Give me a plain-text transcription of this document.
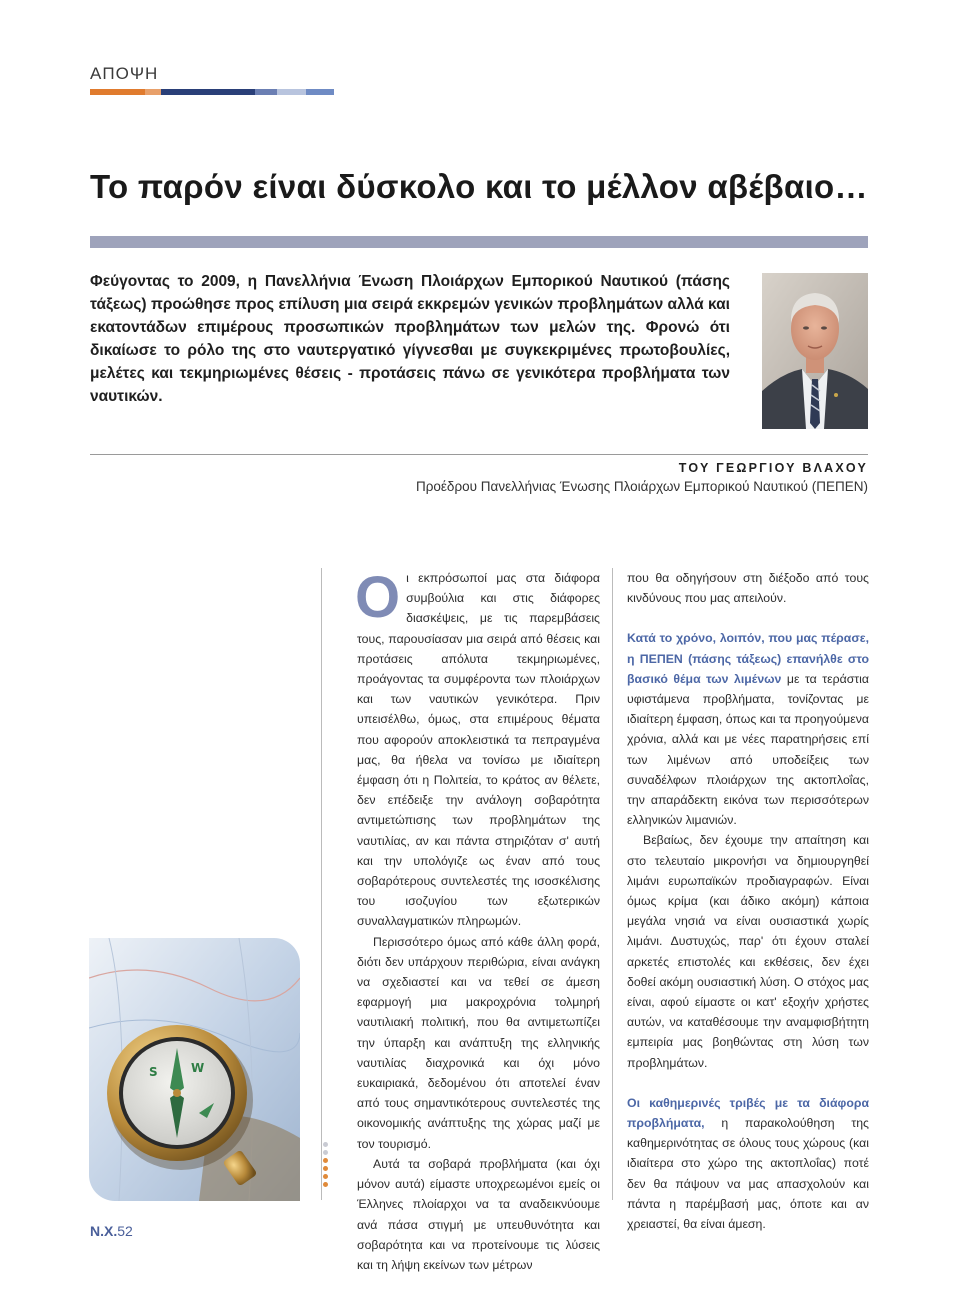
ΑΠΟΨΗ
Το παρόν είναι δύσκολο και το μέλλον αβέβαιο…
Φεύγοντας το 2009, η Πανελλήνια Ένωση Πλοιάρχων Εμπορικού Ναυτικού (πάσης τάξεως) προώθησε προς επίλυση μια σειρά εκκρεμών γενικών προβλημάτων αλλά και εκατοντάδων επιμέρους προσωπικών προβλημάτων των μελών της. Φρονώ ότι δικαίωσε το ρόλο της στο ναυτεργατικό γίγνεσθαι με συγκεκριμένες πρωτοβουλίες, μελέτες και τεκμηριωμένες θέσεις - προτάσεις πάνω σε γενικότερα προβλήματα των ναυτικών.
ΤΟΥ ΓΕΩΡΓΙΟΥ ΒΛΑΧΟΥ
Προέδρου Πανελλήνιας Ένωσης Πλοιάρχων Εμπορικού Ναυτικού (ΠΕΠΕΝ)

Οι εκπρόσωποί μας στα διάφορα συμβούλια και στις διάφορες διασκέψεις, με τις παρεμβάσεις τους, παρουσίασαν μια σειρά από θέσεις και προτάσεις απόλυτα τεκμηριωμένες, προάγοντας τα συμφέροντα των πλοιάρχων και των ναυτικών γενικότερα. Πριν υπεισέλθω, όμως, στα επιμέρους θέματα που αφορούν αποκλειστικά τα πεπραγμένα μας, θα ήθελα να τονίσω με ιδιαίτερη έμφαση ότι η Πολιτεία, το κράτος αν θέλετε, δεν επέδειξε την ανάλογη σοβαρότητα αντιμετώπισης των προβλημάτων της ναυτιλίας, αν και πάντα στηριζόταν σ' αυτή και την υπολόγιζε ως έναν από τους σοβαρότερους συντελεστές της ισοσκέλισης του ισοζυγίου των εξωτερικών συναλλαγματικών πληρωμών.

Περισσότερο όμως από κάθε άλλη φορά, διότι δεν υπάρχουν περιθώρια, είναι ανάγκη να σχεδιαστεί και να τεθεί σε άμεση εφαρμογή μια μακροχρόνια τολμηρή ναυτιλιακή πολιτική, που θα αντιμετωπίζει την ύπαρξη και ανάπτυξη της ελληνικής ναυτιλίας διαχρονικά και όχι μόνο ευκαιριακά, δεδομένου ότι αποτελεί έναν από τους σημαντικότερους συντελεστές της οικονομικής ανάπτυξης της χώρας μαζί με τον τουρισμό.

Αυτά τα σοβαρά προβλήματα (και όχι μόνον αυτά) είμαστε υποχρεωμένοι εμείς οι Έλληνες πλοίαρχοι να τα αναδεικνύουμε ανά πάσα στιγμή με υπευθυνότητα και σοβαρότητα και να προτείνουμε τις λύσεις και τη λήψη εκείνων των μέτρων

που θα οδηγήσουν στη διέξοδο από τους κινδύνους που μας απειλούν.

Κατά το χρόνο, λοιπόν, που μας πέρασε, η ΠΕΠΕΝ (πάσης τάξεως) επανήλθε στο βασικό θέμα των λιμένων με τα τεράστια υφιστάμενα προβλήματα, τονίζοντας με ιδιαίτερη έμφαση, όπως και τα προηγούμενα χρόνια, αλλά και με νέες παρατηρήσεις επί των λιμένων από υποδείξεις των συναδέλφων πλοιάρχων της ακτοπλοΐας, την απαράδεκτη εικόνα των περισσότερων ελληνικών λιμανιών.

Βεβαίως, δεν έχουμε την απαίτηση και στο τελευταίο μικρονήσι να δημιουργηθεί λιμάνι ευρωπαϊκών προδιαγραφών. Είναι όμως κρίμα (και άδικο ακόμη) κάποια μεγάλα νησιά να είναι ουσιαστικά χωρίς λιμάνι. Δυστυχώς, παρ' ότι έχουν σταλεί αρκετές επιστολές και εκθέσεις, δεν έχει δοθεί ακόμη ουσιαστική λύση. Ο στόχος μας είναι, αφού είμαστε οι κατ' εξοχήν χρήστες αυτών, να καταθέσουμε την αναμφισβήτητη εμπειρία μας βοηθώντας στη λύση των προβλημάτων.

Οι καθημερινές τριβές με τα διάφορα προβλήματα, η παρακολούθηση της καθημερινότητας σε όλους τους χώρους (και ιδιαίτερα στο χώρο της ακτοπλοΐας) ποτέ δεν θα πάψουν να μας απασχολούν και πάντα η παρέμβασή μας, όποτε και αν χρειαστεί, θα είναι άμεση.

S	W
Ν.Χ.52
